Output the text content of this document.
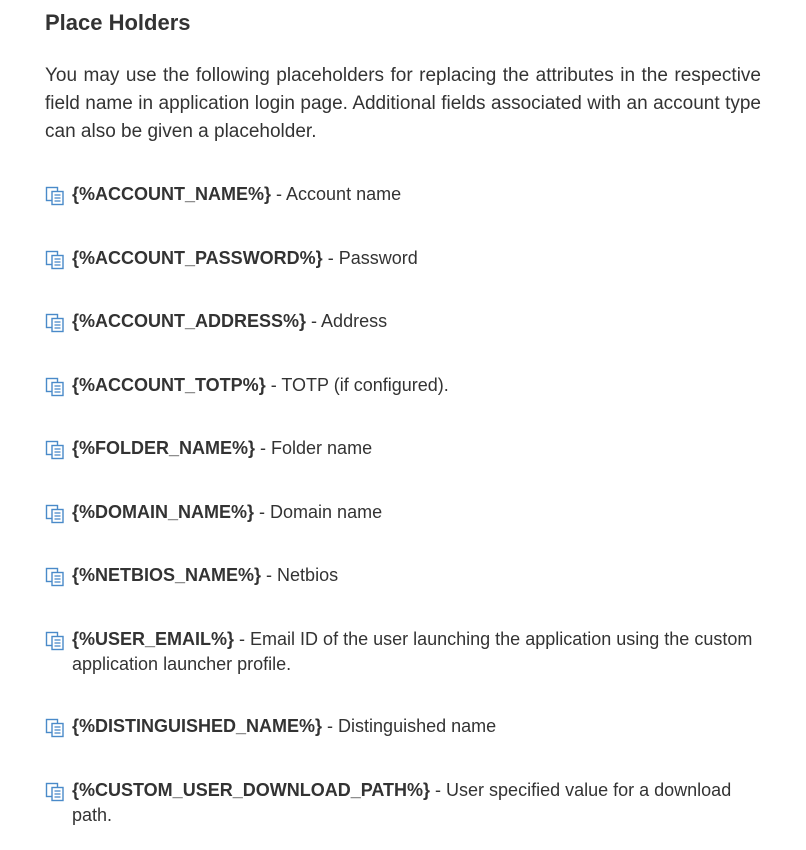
Place Holders

You may use the following placeholders for replacing the attributes in the respective field name in application login page. Additional fields associated with an account type can also be given a placeholder.

{%ACCOUNT_NAME%} - Account name
{%ACCOUNT_PASSWORD%} - Password
{%ACCOUNT_ADDRESS%} - Address
{%ACCOUNT_TOTP%} - TOTP (if configured).
{%FOLDER_NAME%} - Folder name
{%DOMAIN_NAME%} - Domain name
{%NETBIOS_NAME%} - Netbios
{%USER_EMAIL%} - Email ID of the user launching the application using the custom application launcher profile.
{%DISTINGUISHED_NAME%} - Distinguished name
{%CUSTOM_USER_DOWNLOAD_PATH%} - User specified value for a download path.
